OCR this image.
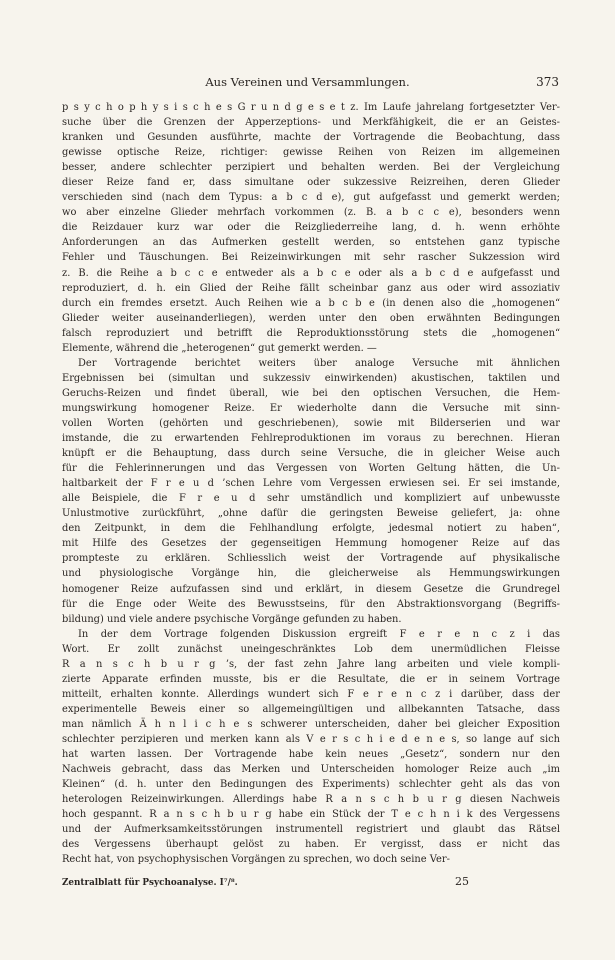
Aus Vereinen und Versammlungen.	373
p s y c h o p h y s i s c h e s G r u n d g e s e t z. Im Laufe jahrelang fortgesetzter Ver-
suche über die Grenzen der Apperzeptions- und Merkfähigkeit, die er an Geistes-
kranken und Gesunden ausführte, machte der Vortragende die Beobachtung, dass
gewisse optische Reize, richtiger: gewisse Reihen von Reizen im allgemeinen
besser, andere schlechter perzipiert und behalten werden. Bei der Vergleichung
dieser Reize fand er, dass simultane oder sukzessive Reizreihen, deren Glieder
verschieden sind (nach dem Typus: a b c d e), gut aufgefasst und gemerkt werden;
wo aber einzelne Glieder mehrfach vorkommen (z. B. a b c c e), besonders wenn
die Reizdauer kurz war oder die Reizgliederreihe lang, d. h. wenn erhöhte
Anforderungen an das Aufmerken gestellt werden, so entstehen ganz typische
Fehler und Täuschungen. Bei Reizeinwirkungen mit sehr rascher Sukzession wird
z. B. die Reihe a b c c e entweder als a b c e oder als a b c d e aufgefasst und
reproduziert, d. h. ein Glied der Reihe fällt scheinbar ganz aus oder wird assoziativ
durch ein fremdes ersetzt. Auch Reihen wie a b c b e (in denen also die „homogenen“
Glieder weiter auseinanderliegen), werden unter den oben erwähnten Bedingungen
falsch reproduziert und betrifft die Reproduktionsstörung stets die „homogenen“
Elemente, während die „heterogenen“ gut gemerkt werden. —
Der Vortragende berichtet weiters über analoge Versuche mit ähnlichen
Ergebnissen bei (simultan und sukzessiv einwirkenden) akustischen, taktilen und
Geruchs-Reizen und findet überall, wie bei den optischen Versuchen, die Hem-
mungswirkung homogener Reize. Er wiederholte dann die Versuche mit sinn-
vollen Worten (gehörten und geschriebenen), sowie mit Bilderserien und war
imstande, die zu erwartenden Fehlreproduktionen im voraus zu berechnen. Hieran
knüpft er die Behauptung, dass durch seine Versuche, die in gleicher Weise auch
für die Fehlerinnerungen und das Vergessen von Worten Geltung hätten, die Un-
haltbarkeit der F r e u d ’schen Lehre vom Vergessen erwiesen sei. Er sei imstande,
alle Beispiele, die F r e u d sehr umständlich und kompliziert auf unbewusste
Unlustmotive zurückführt, „ohne dafür die geringsten Beweise geliefert, ja: ohne
den Zeitpunkt, in dem die Fehlhandlung erfolgte, jedesmal notiert zu haben“,
mit Hilfe des Gesetzes der gegenseitigen Hemmung homogener Reize auf das
prompteste zu erklären. Schliesslich weist der Vortragende auf physikalische
und physiologische Vorgänge hin, die gleicherweise als Hemmungswirkungen
homogener Reize aufzufassen sind und erklärt, in diesem Gesetze die Grundregel
für die Enge oder Weite des Bewusstseins, für den Abstraktionsvorgang (Begriffs-
bildung) und viele andere psychische Vorgänge gefunden zu haben.
In der dem Vortrage folgenden Diskussion ergreift F e r e n c z i das
Wort. Er zollt zunächst uneingeschränktes Lob dem unermüdlichen Fleisse
R a n s c h b u r g ’s, der fast zehn Jahre lang arbeiten und viele kompli-
zierte Apparate erfinden musste, bis er die Resultate, die er in seinem Vortrage
mitteilt, erhalten konnte. Allerdings wundert sich F e r e n c z i darüber, dass der
experimentelle Beweis einer so allgemeingültigen und allbekannten Tatsache, dass
man nämlich Ä h n l i c h e s schwerer unterscheiden, daher bei gleicher Exposition
schlechter perzipieren und merken kann als V e r s c h i e d e n e s, so lange auf sich
hat warten lassen. Der Vortragende habe kein neues „Gesetz“, sondern nur den
Nachweis gebracht, dass das Merken und Unterscheiden homologer Reize auch „im
Kleinen“ (d. h. unter den Bedingungen des Experiments) schlechter geht als das von
heterologen Reizeinwirkungen. Allerdings habe R a n s c h b u r g diesen Nachweis
hoch gespannt. R a n s c h b u r g habe ein Stück der T e c h n i k des Vergessens
und der Aufmerksamkeitsstörungen instrumentell registriert und glaubt das Rätsel
des Vergessens überhaupt gelöst zu haben. Er vergisst, dass er nicht das
Recht hat, von psychophysischen Vorgängen zu sprechen, wo doch seine Ver-
Zentralblatt für Psychoanalyse. I⁷/⁸.	25
